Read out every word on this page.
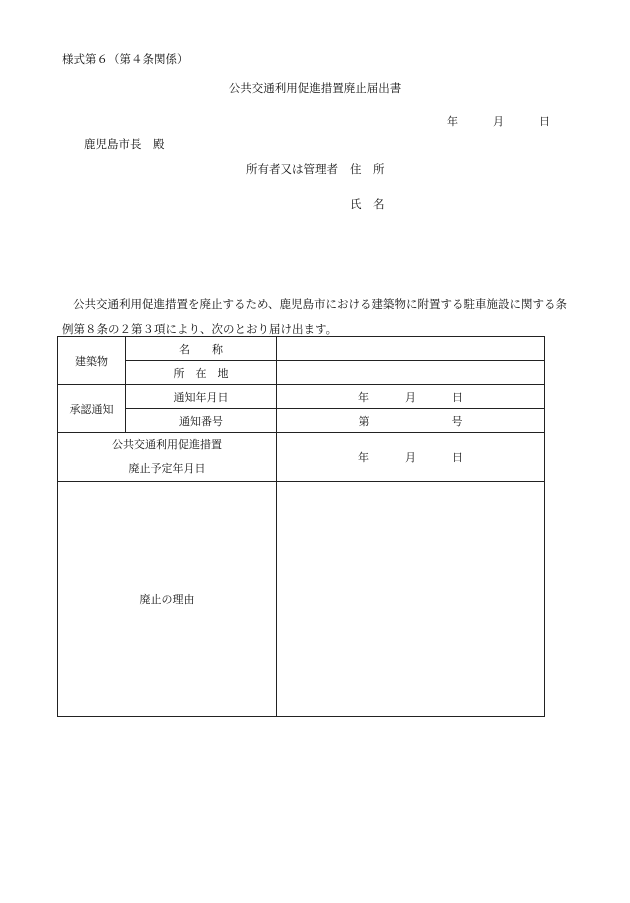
様式第６（第４条関係）
公共交通利用促進措置廃止届出書
年	月	日
鹿児島市長　殿
所有者又は管理者 住　所
氏　名

公共交通利用促進措置を廃止するため、鹿児島市における建築物に附置する駐車施設に関する条

例第８条の２第３項により、次のとおり届け出ます。

建築物	名　　称	
	所　在　地	
承認通知	通知年月日	年 月 日
	通知番号	第 号

公共交通利用促進措置
廃止予定年月日		年 月 日
廃止の理由		
